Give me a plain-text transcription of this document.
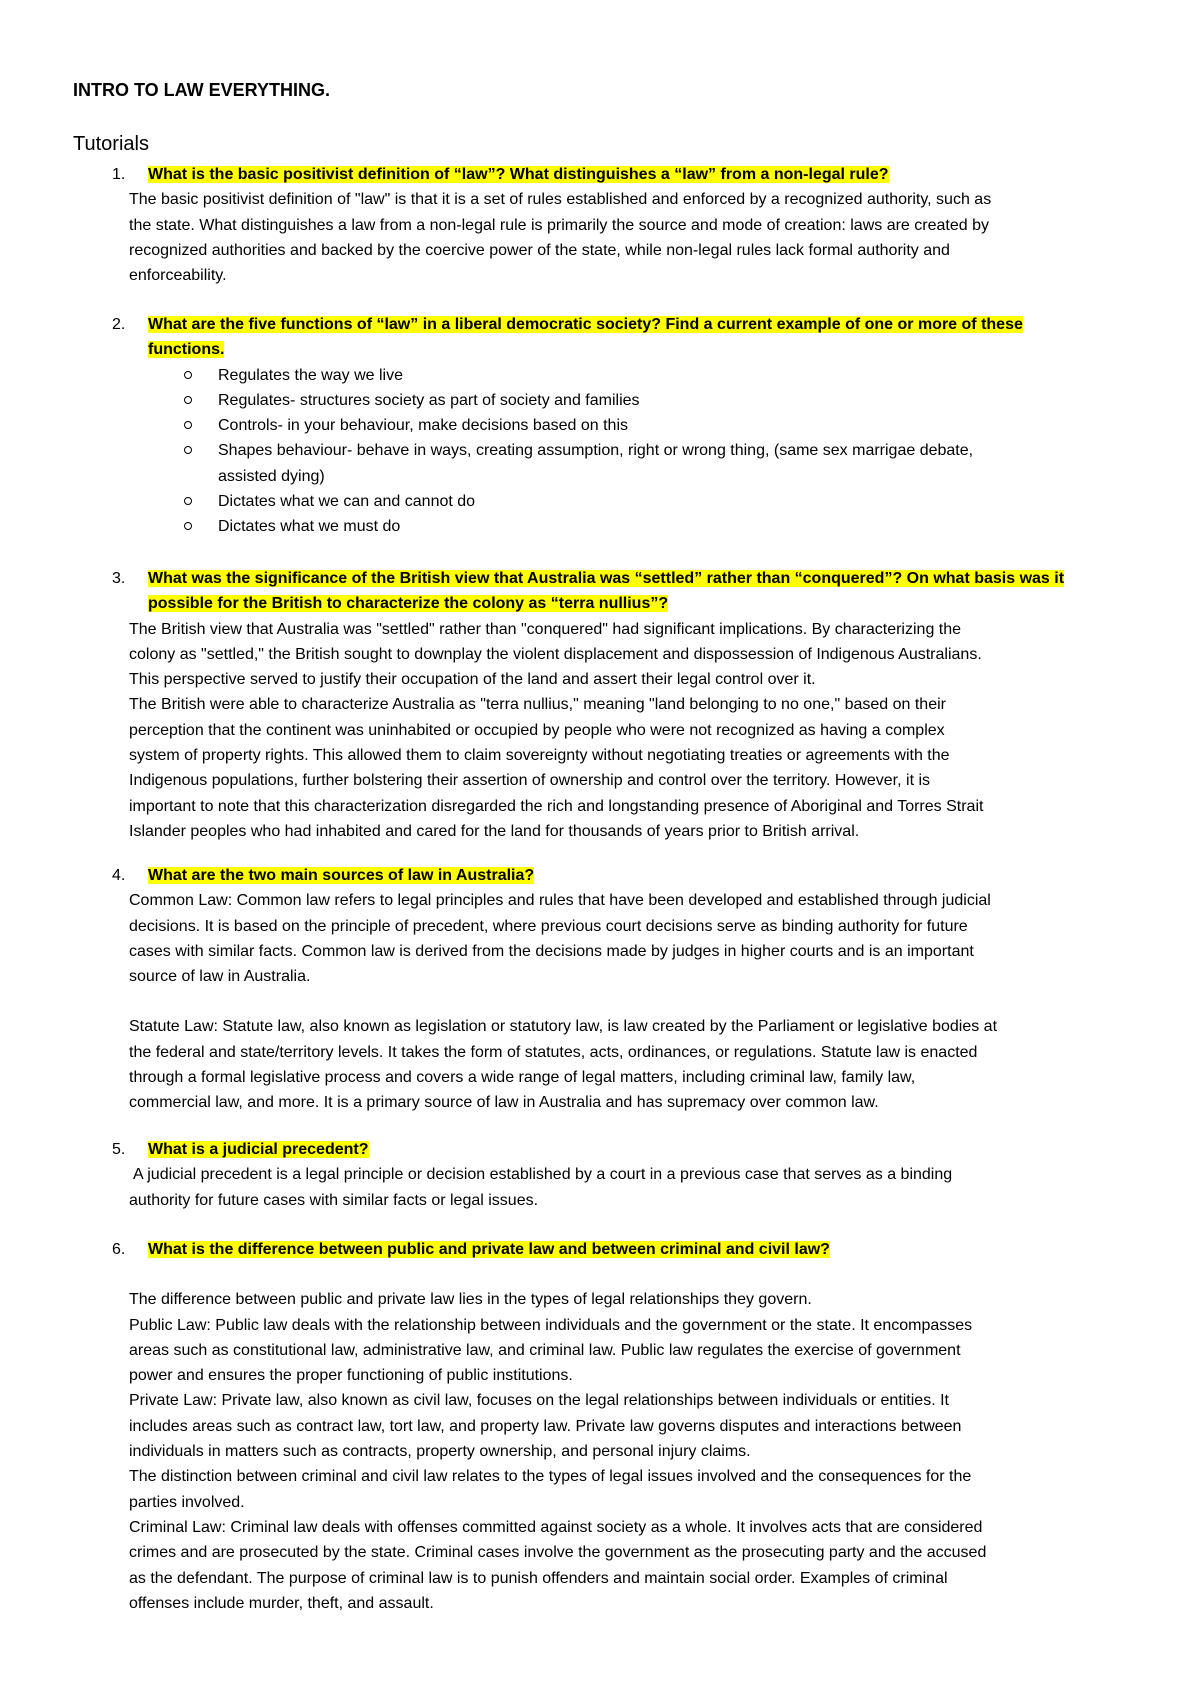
INTRO TO LAW EVERYTHING.
Tutorials

1. What is the basic positivist definition of “law”? What distinguishes a “law” from a non-legal rule?

The basic positivist definition of "law" is that it is a set of rules established and enforced by a recognized authority, such as

the state. What distinguishes a law from a non-legal rule is primarily the source and mode of creation: laws are created by

recognized authorities and backed by the coercive power of the state, while non-legal rules lack formal authority and

enforceability.

2. What are the five functions of “law” in a liberal democratic society? Find a current example of one or more of these
functions.

Regulates the way we live
Regulates- structures society as part of society and families
Controls- in your behaviour, make decisions based on this
Shapes behaviour- behave in ways, creating assumption, right or wrong thing, (same sex marrigae debate,
assisted dying)
Dictates what we can and cannot do
Dictates what we must do

3. What was the significance of the British view that Australia was “settled” rather than “conquered”? On what basis was it
possible for the British to characterize the colony as “terra nullius”?

The British view that Australia was "settled" rather than "conquered" had significant implications. By characterizing the

colony as "settled," the British sought to downplay the violent displacement and dispossession of Indigenous Australians.

This perspective served to justify their occupation of the land and assert their legal control over it.

The British were able to characterize Australia as "terra nullius," meaning "land belonging to no one," based on their

perception that the continent was uninhabited or occupied by people who were not recognized as having a complex

system of property rights. This allowed them to claim sovereignty without negotiating treaties or agreements with the

Indigenous populations, further bolstering their assertion of ownership and control over the territory. However, it is

important to note that this characterization disregarded the rich and longstanding presence of Aboriginal and Torres Strait

Islander peoples who had inhabited and cared for the land for thousands of years prior to British arrival.

4. What are the two main sources of law in Australia?

Common Law: Common law refers to legal principles and rules that have been developed and established through judicial

decisions. It is based on the principle of precedent, where previous court decisions serve as binding authority for future

cases with similar facts. Common law is derived from the decisions made by judges in higher courts and is an important

source of law in Australia.

Statute Law: Statute law, also known as legislation or statutory law, is law created by the Parliament or legislative bodies at

the federal and state/territory levels. It takes the form of statutes, acts, ordinances, or regulations. Statute law is enacted

through a formal legislative process and covers a wide range of legal matters, including criminal law, family law,

commercial law, and more. It is a primary source of law in Australia and has supremacy over common law.

5. What is a judicial precedent?

A judicial precedent is a legal principle or decision established by a court in a previous case that serves as a binding

authority for future cases with similar facts or legal issues.

6. What is the difference between public and private law and between criminal and civil law?

The difference between public and private law lies in the types of legal relationships they govern.

Public Law: Public law deals with the relationship between individuals and the government or the state. It encompasses

areas such as constitutional law, administrative law, and criminal law. Public law regulates the exercise of government

power and ensures the proper functioning of public institutions.

Private Law: Private law, also known as civil law, focuses on the legal relationships between individuals or entities. It

includes areas such as contract law, tort law, and property law. Private law governs disputes and interactions between

individuals in matters such as contracts, property ownership, and personal injury claims.

The distinction between criminal and civil law relates to the types of legal issues involved and the consequences for the

parties involved.

Criminal Law: Criminal law deals with offenses committed against society as a whole. It involves acts that are considered

crimes and are prosecuted by the state. Criminal cases involve the government as the prosecuting party and the accused

as the defendant. The purpose of criminal law is to punish offenders and maintain social order. Examples of criminal

offenses include murder, theft, and assault.
